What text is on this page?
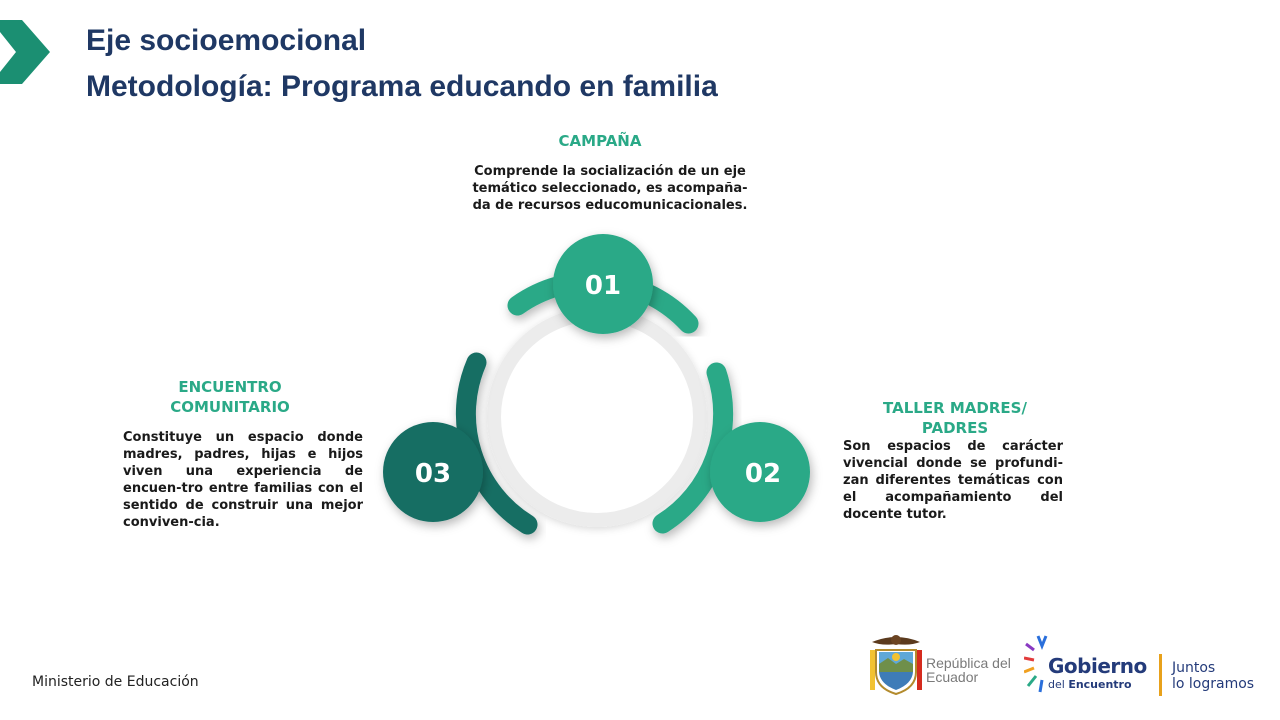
Eje socioemocional
Metodología: Programa educando en familia
01
02
03
CAMPAÑA
Comprende la socialización de un eje temático seleccionado, es acompaña-da de recursos educomunicacionales.
ENCUENTRO COMUNITARIO
Constituye un espacio donde madres, padres, hijas e hijos viven una experiencia de encuen-tro entre familias con el sentido de construir una mejor conviven-cia.
TALLER MADRES/ PADRES
Son espacios de carácter vivencial donde se profundi-zan diferentes temáticas con el acompañamiento del docente tutor.
Ministerio de Educación
República del Ecuador	Gobierno
del Encuentro
Juntos
lo logramos
